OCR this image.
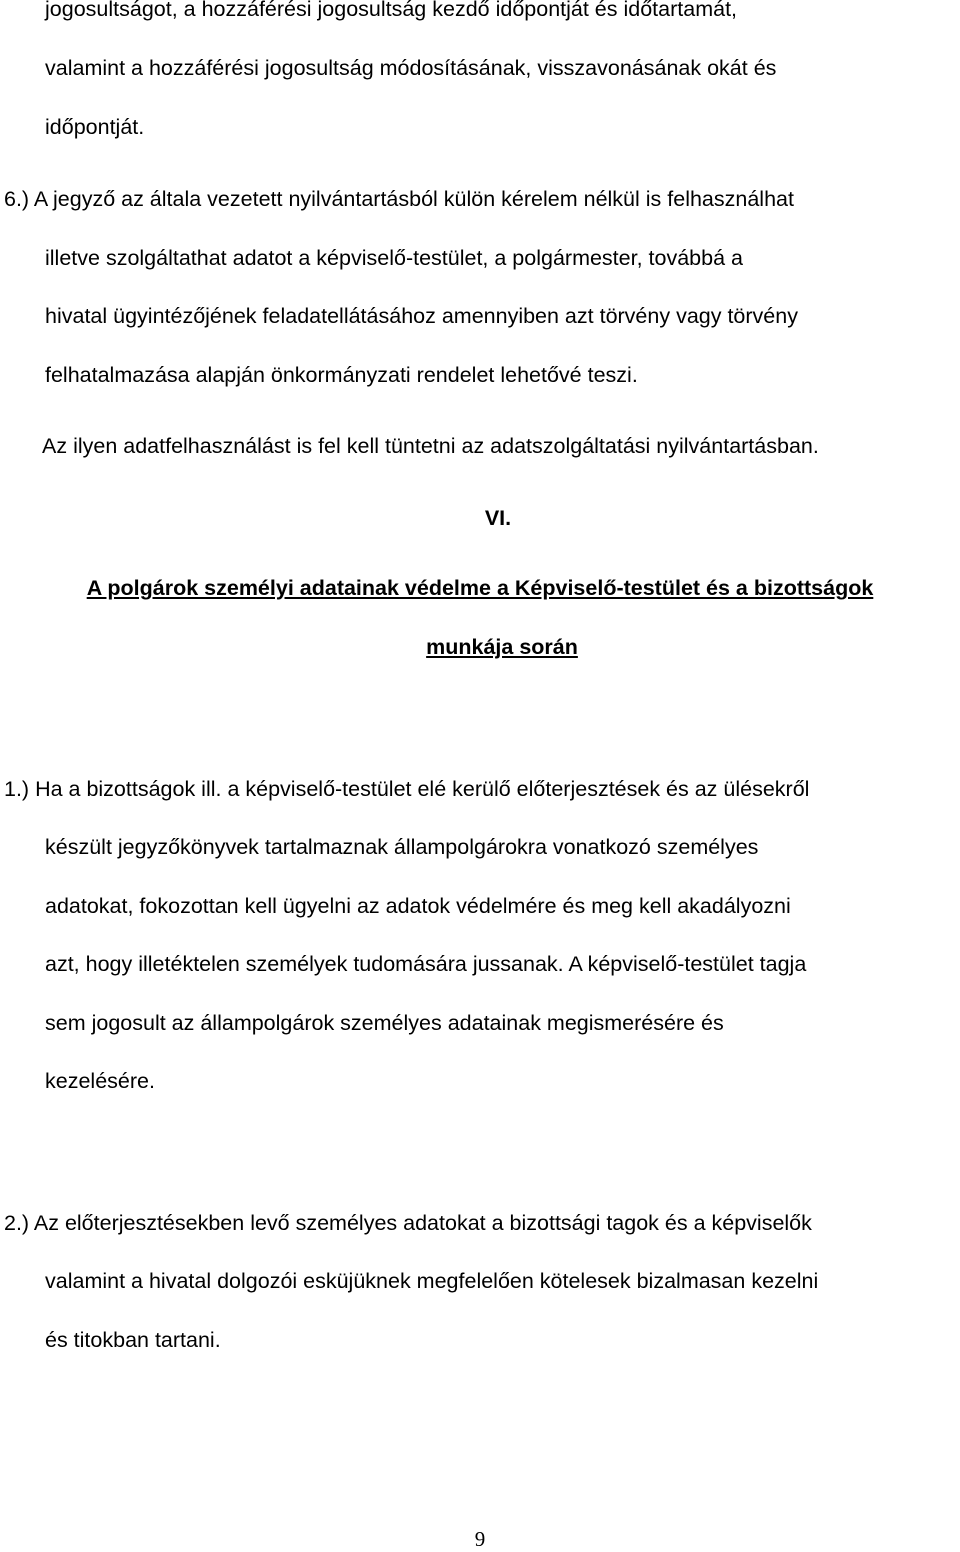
jogosultságot, a hozzáférési jogosultság kezdő időpontját és időtartamát,
valamint a hozzáférési jogosultság módosításának, visszavonásának okát és
időpontját.
6.) A jegyző az általa vezetett nyilvántartásból külön kérelem nélkül is felhasználhat
illetve szolgáltathat adatot a képviselő-testület, a polgármester, továbbá a
hivatal ügyintézőjének feladatellátásához amennyiben azt törvény vagy törvény
felhatalmazása alapján önkormányzati rendelet lehetővé teszi.
Az ilyen adatfelhasználást is fel kell tüntetni az adatszolgáltatási nyilvántartásban.
VI.
A polgárok személyi adatainak védelme a Képviselő-testület és a bizottságok
munkája során
1.) Ha a bizottságok ill. a képviselő-testület elé kerülő előterjesztések és az ülésekről
készült jegyzőkönyvek tartalmaznak állampolgárokra vonatkozó személyes
adatokat, fokozottan kell ügyelni az adatok védelmére és meg kell akadályozni
azt, hogy illetéktelen személyek tudomására jussanak. A képviselő-testület tagja
sem jogosult az állampolgárok személyes adatainak megismerésére és
kezelésére.
2.) Az előterjesztésekben levő személyes adatokat a bizottsági tagok és a képviselők
valamint a hivatal dolgozói esküjüknek megfelelően kötelesek bizalmasan kezelni
és titokban tartani.
9
